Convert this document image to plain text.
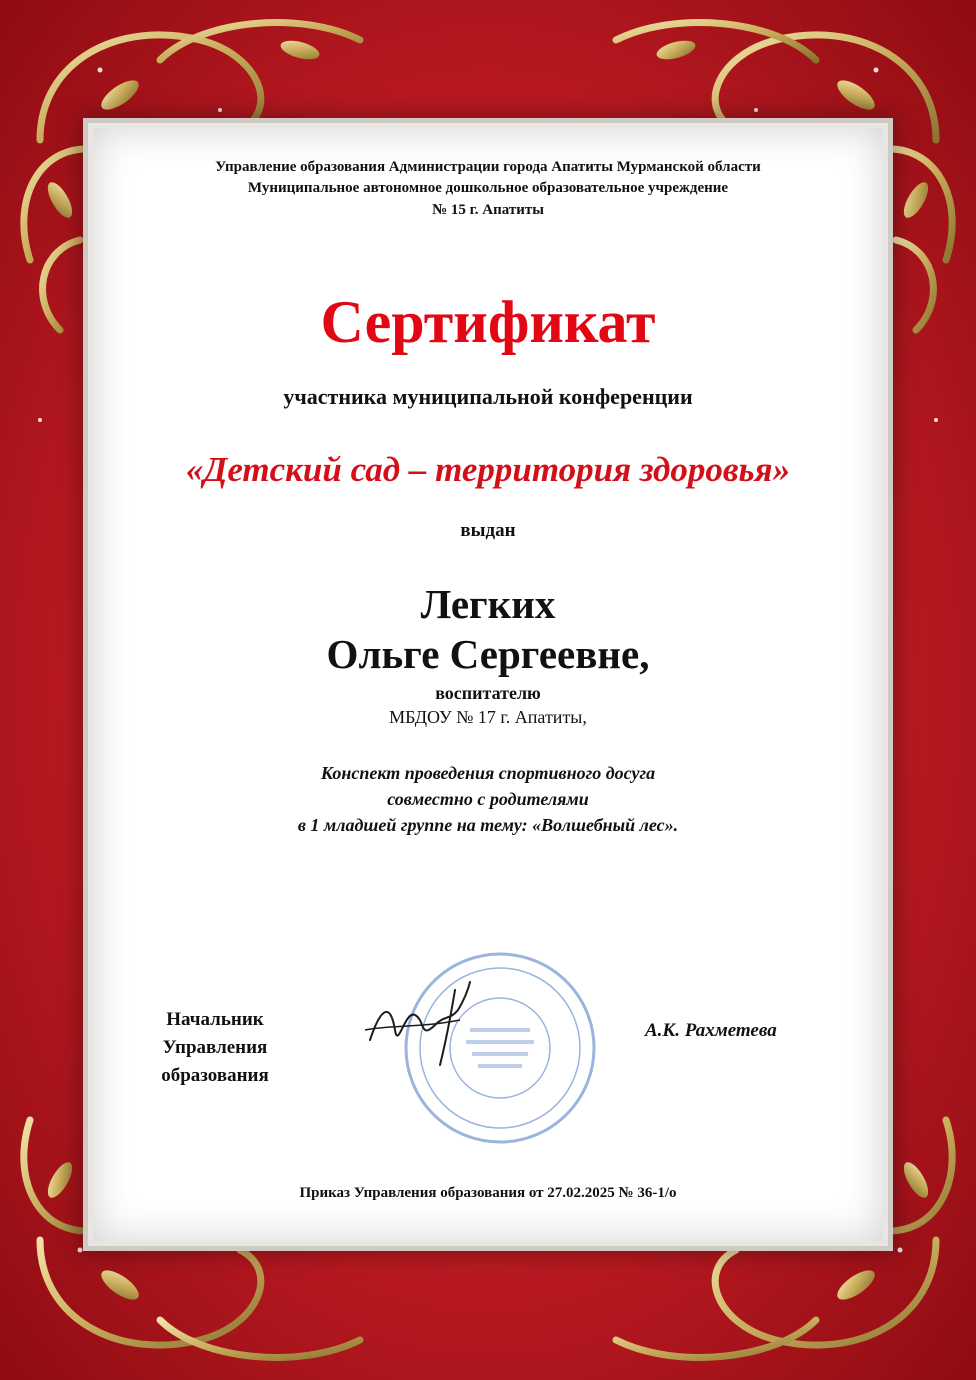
Управление образования Администрации города Апатиты Мурманской области

Муниципальное автономное дошкольное образовательное учреждение

№ 15 г. Апатиты

Сертификат

участника муниципальной конференции

«Детский сад – территория здоровья»

выдан

Легких

Ольге Сергеевне,

воспитателю

МБДОУ № 17 г. Апатиты,

Конспект проведения спортивного досуга

совместно с родителями

в 1 младшей группе на тему: «Волшебный лес».

Начальник
Управления
образования
А.К. Рахметева

Приказ Управления образования от 27.02.2025 № 36-1/о
